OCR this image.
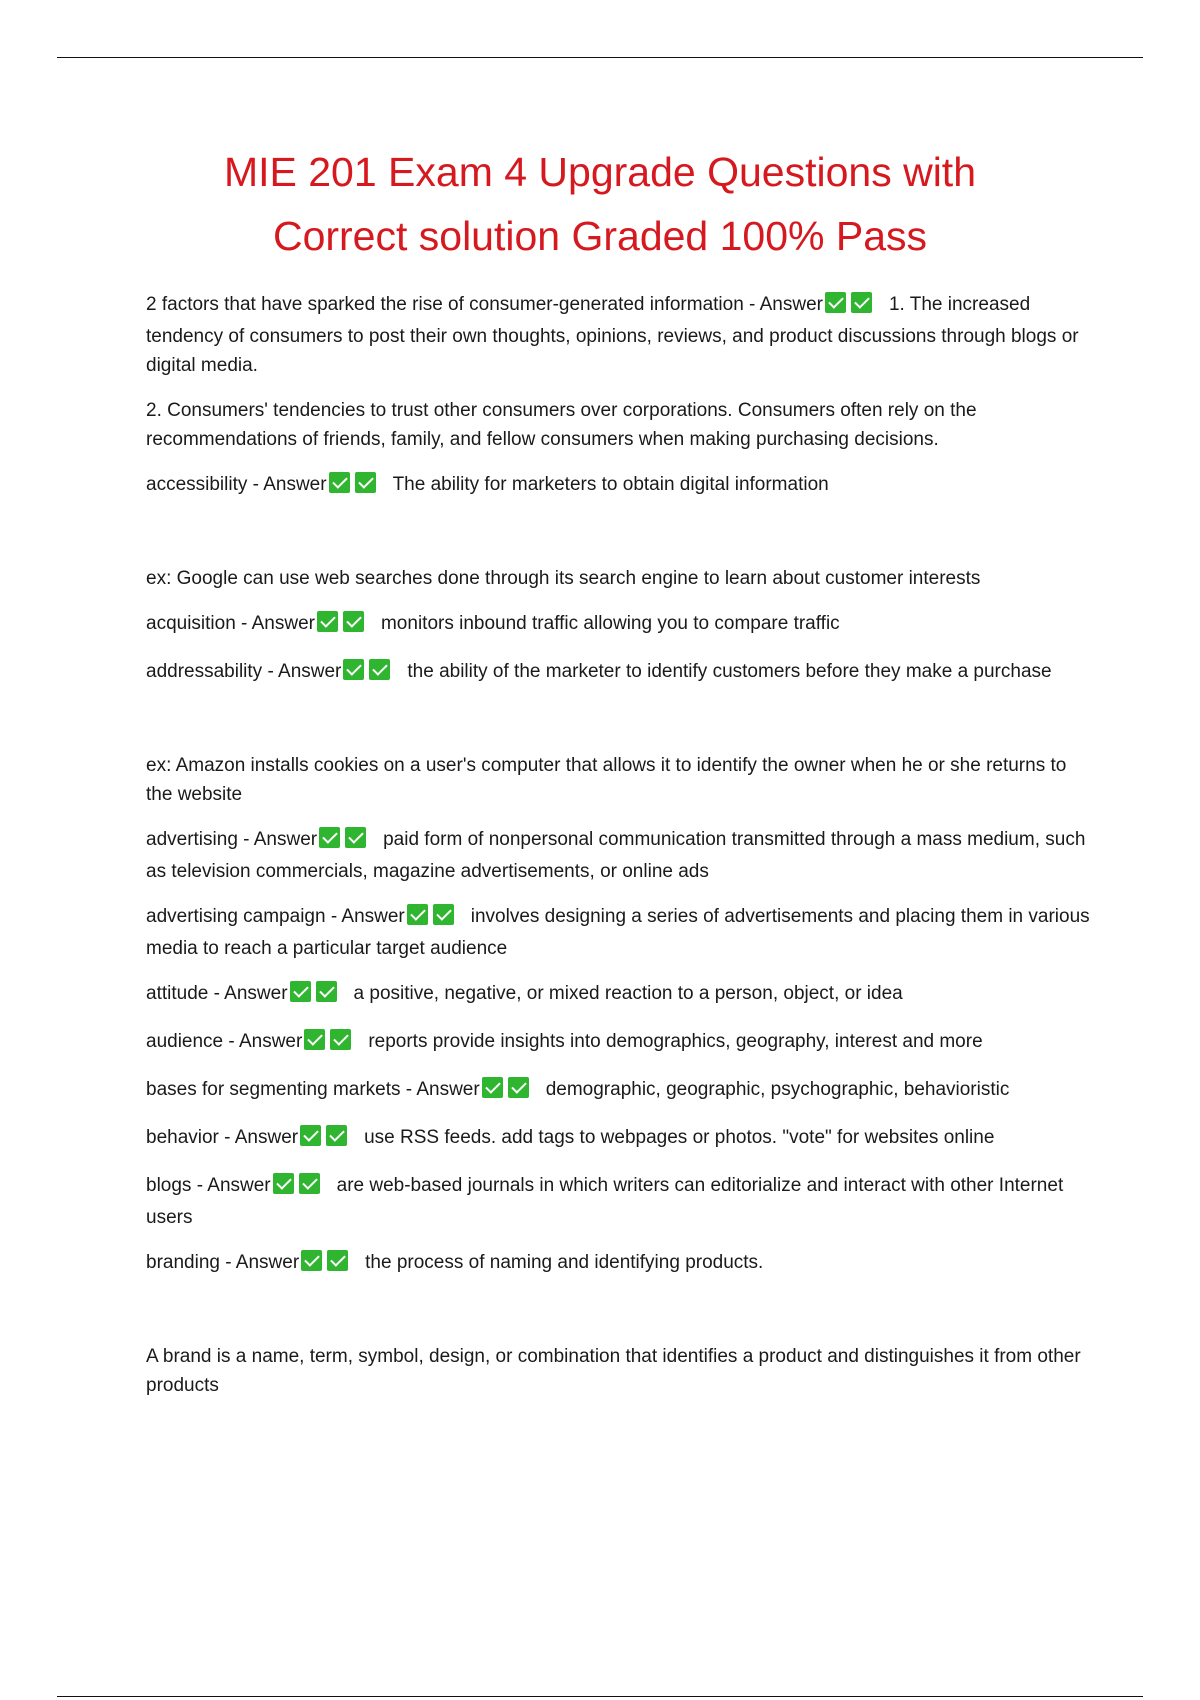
MIE 201 Exam 4 Upgrade Questions with
Correct solution Graded 100% Pass
2 factors that have sparked the rise of consumer-generated information - Answer	1. The increased tendency of consumers to post their own thoughts, opinions, reviews, and product discussions through blogs or digital media.
2. Consumers' tendencies to trust other consumers over corporations. Consumers often rely on the recommendations of friends, family, and fellow consumers when making purchasing decisions.
accessibility - Answer	The ability for marketers to obtain digital information
ex: Google can use web searches done through its search engine to learn about customer interests
acquisition - Answer	monitors inbound traffic allowing you to compare traffic
addressability - Answer	the ability of the marketer to identify customers before they make a purchase
ex: Amazon installs cookies on a user's computer that allows it to identify the owner when he or she returns to the website
advertising - Answer	paid form of nonpersonal communication transmitted through a mass medium, such as television commercials, magazine advertisements, or online ads
advertising campaign - Answer	involves designing a series of advertisements and placing them in various media to reach a particular target audience
attitude - Answer	a positive, negative, or mixed reaction to a person, object, or idea
audience - Answer	reports provide insights into demographics, geography, interest and more
bases for segmenting markets - Answer	demographic, geographic, psychographic, behavioristic
behavior - Answer	use RSS feeds. add tags to webpages or photos. "vote" for websites online
blogs - Answer	are web-based journals in which writers can editorialize and interact with other Internet users
branding - Answer	the process of naming and identifying products.
A brand is a name, term, symbol, design, or combination that identifies a product and distinguishes it from other products
